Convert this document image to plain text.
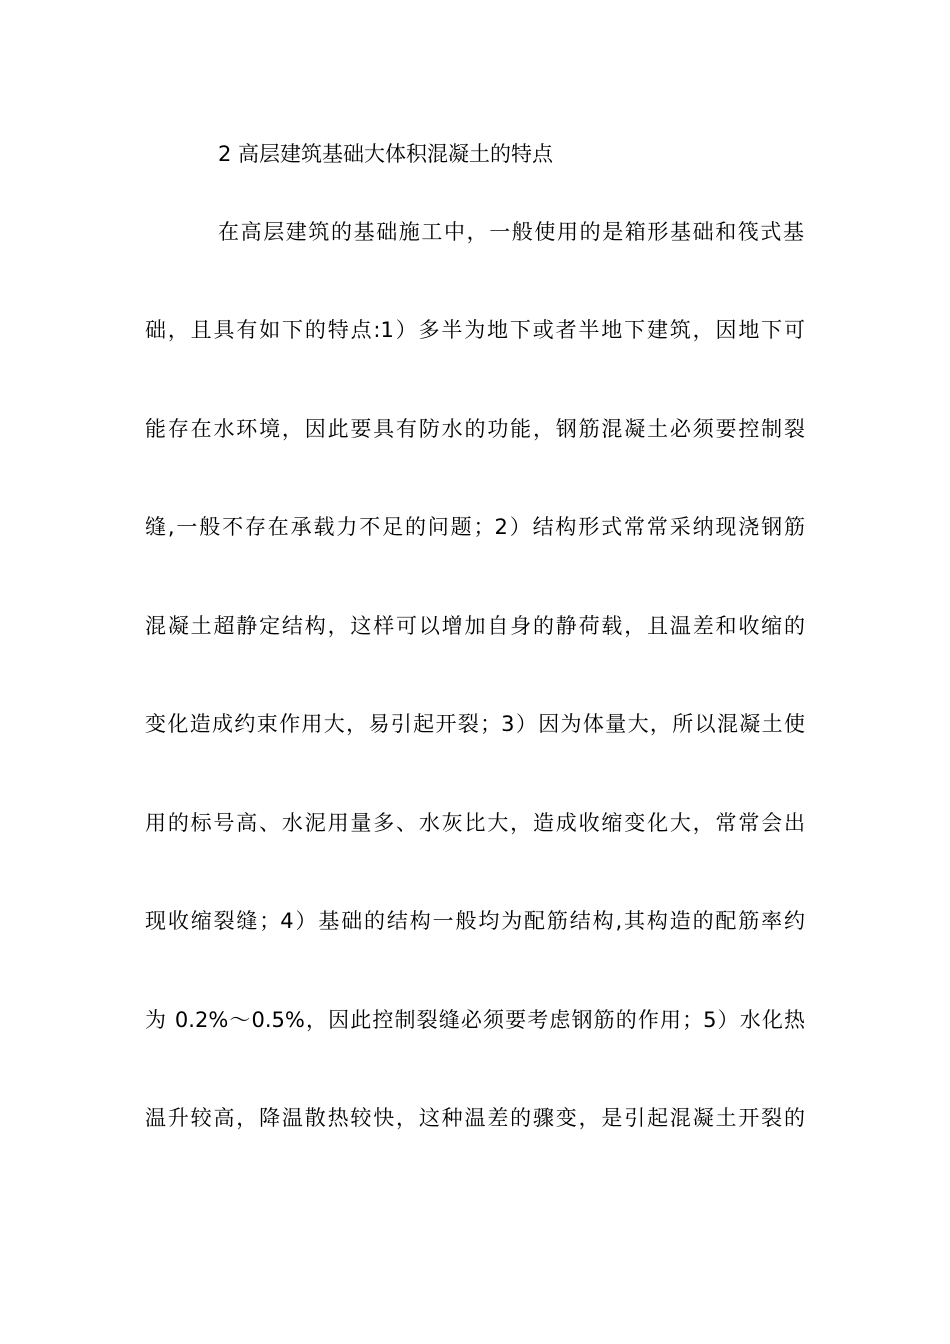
2 高层建筑基础大体积混凝土的特点
在高层建筑的基础施工中，一般使用的是箱形基础和筏式基
础，且具有如下的特点:1）多半为地下或者半地下建筑，因地下可
能存在水环境，因此要具有防水的功能，钢筋混凝土必须要控制裂
缝,一般不存在承载力不足的问题；2）结构形式常常采纳现浇钢筋
混凝土超静定结构，这样可以增加自身的静荷载，且温差和收缩的
变化造成约束作用大，易引起开裂；3）因为体量大，所以混凝土使
用的标号高、水泥用量多、水灰比大，造成收缩变化大，常常会出
现收缩裂缝；4）基础的结构一般均为配筋结构,其构造的配筋率约
为 0.2%～0.5%，因此控制裂缝必须要考虑钢筋的作用；5）水化热
温升较高，降温散热较快，这种温差的骤变，是引起混凝土开裂的
